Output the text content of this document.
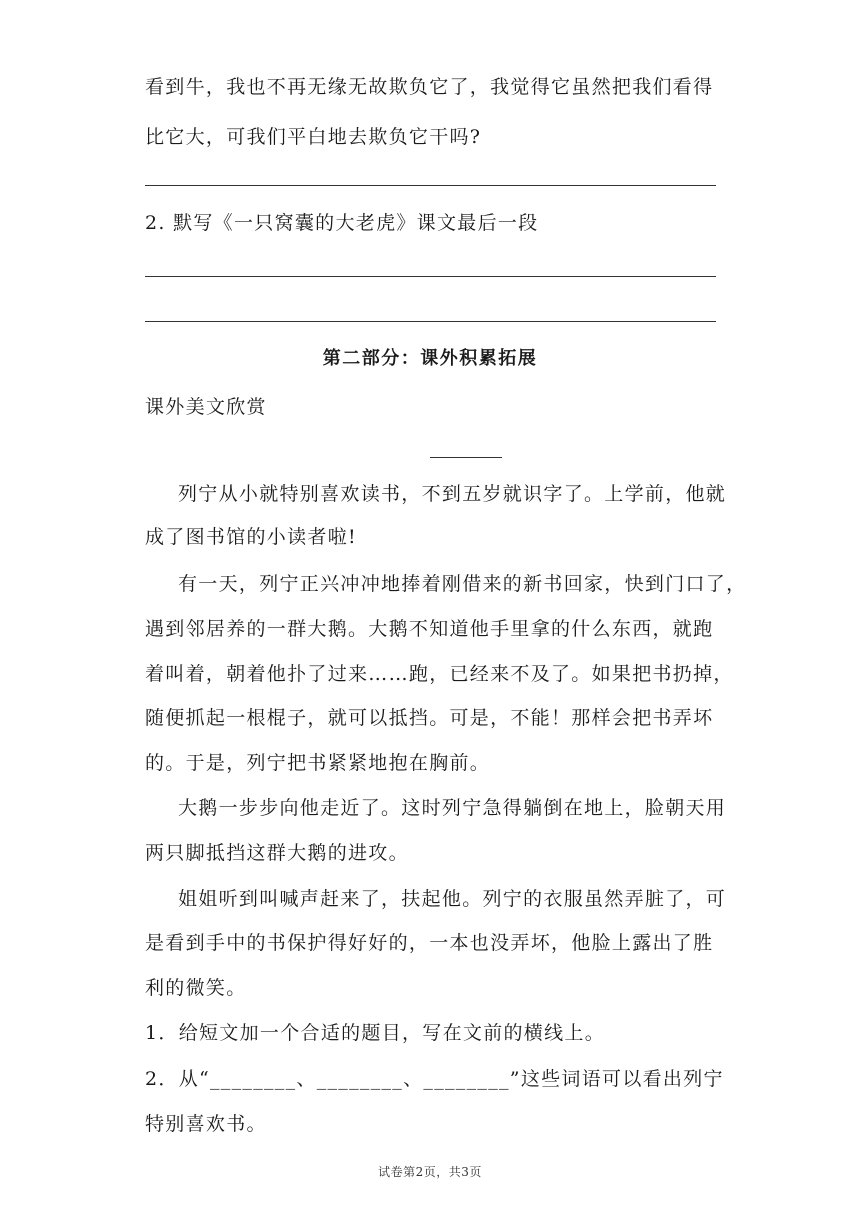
看到牛，我也不再无缘无故欺负它了，我觉得它虽然把我们看得
比它大，可我们平白地去欺负它干吗?
2. 默写《一只窝囊的大老虎》课文最后一段
第二部分：课外积累拓展
课外美文欣赏
列宁从小就特别喜欢读书，不到五岁就识字了。上学前，他就
成了图书馆的小读者啦!
有一天，列宁正兴冲冲地捧着刚借来的新书回家，快到门口了，
遇到邻居养的一群大鹅。大鹅不知道他手里拿的什么东西，就跑
着叫着，朝着他扑了过来……跑，已经来不及了。如果把书扔掉，
随便抓起一根棍子，就可以抵挡。可是，不能！那样会把书弄坏
的。于是，列宁把书紧紧地抱在胸前。
大鹅一步步向他走近了。这时列宁急得躺倒在地上，脸朝天用
两只脚抵挡这群大鹅的进攻。
姐姐听到叫喊声赶来了，扶起他。列宁的衣服虽然弄脏了，可
是看到手中的书保护得好好的，一本也没弄坏，他脸上露出了胜
利的微笑。
1．给短文加一个合适的题目，写在文前的横线上。
2．从“________、________、________”这些词语可以看出列宁
特别喜欢书。
试卷第2页，共3页
